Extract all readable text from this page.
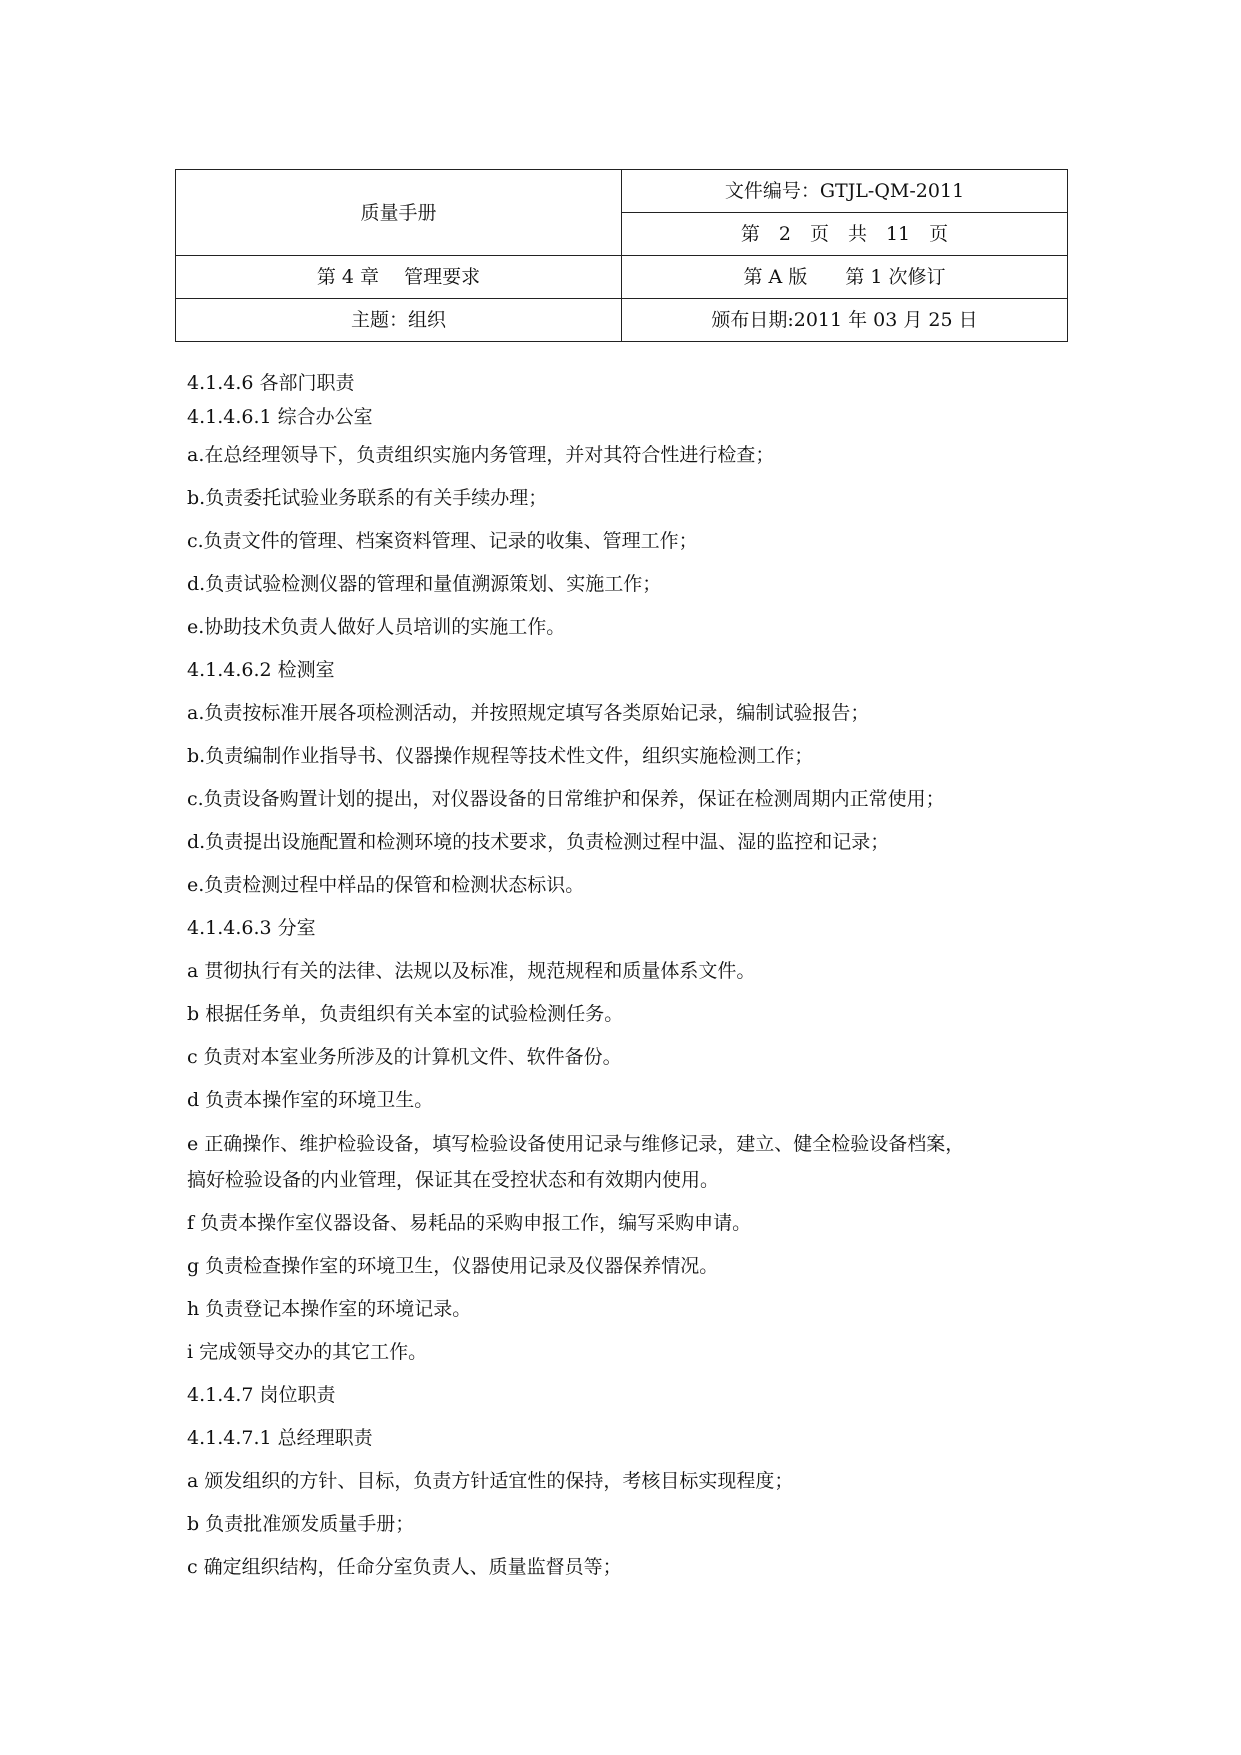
质量手册	文件编号：GTJL-QM-2011
	第　2　页　共　11　页
第 4 章　 管理要求	第 A 版　　第 1 次修订
主题：组织	颁布日期:2011 年 03 月 25 日

4.1.4.6 各部门职责

4.1.4.6.1 综合办公室

a.在总经理领导下，负责组织实施内务管理，并对其符合性进行检查；

b.负责委托试验业务联系的有关手续办理；

c.负责文件的管理、档案资料管理、记录的收集、管理工作；

d.负责试验检测仪器的管理和量值溯源策划、实施工作；

e.协助技术负责人做好人员培训的实施工作。

4.1.4.6.2 检测室

a.负责按标准开展各项检测活动，并按照规定填写各类原始记录，编制试验报告；

b.负责编制作业指导书、仪器操作规程等技术性文件，组织实施检测工作；

c.负责设备购置计划的提出，对仪器设备的日常维护和保养，保证在检测周期内正常使用；

d.负责提出设施配置和检测环境的技术要求，负责检测过程中温、湿的监控和记录；

e.负责检测过程中样品的保管和检测状态标识。

4.1.4.6.3 分室

a 贯彻执行有关的法律、法规以及标准，规范规程和质量体系文件。

b 根据任务单，负责组织有关本室的试验检测任务。

c 负责对本室业务所涉及的计算机文件、软件备份。

d 负责本操作室的环境卫生。

e 正确操作、维护检验设备，填写检验设备使用记录与维修记录，建立、健全检验设备档案，

搞好检验设备的内业管理，保证其在受控状态和有效期内使用。

f 负责本操作室仪器设备、易耗品的采购申报工作，编写采购申请。

g 负责检查操作室的环境卫生，仪器使用记录及仪器保养情况。

h 负责登记本操作室的环境记录。

i 完成领导交办的其它工作。

4.1.4.7 岗位职责

4.1.4.7.1 总经理职责

a 颁发组织的方针、目标，负责方针适宜性的保持，考核目标实现程度；

b 负责批准颁发质量手册；

c 确定组织结构，任命分室负责人、质量监督员等；
